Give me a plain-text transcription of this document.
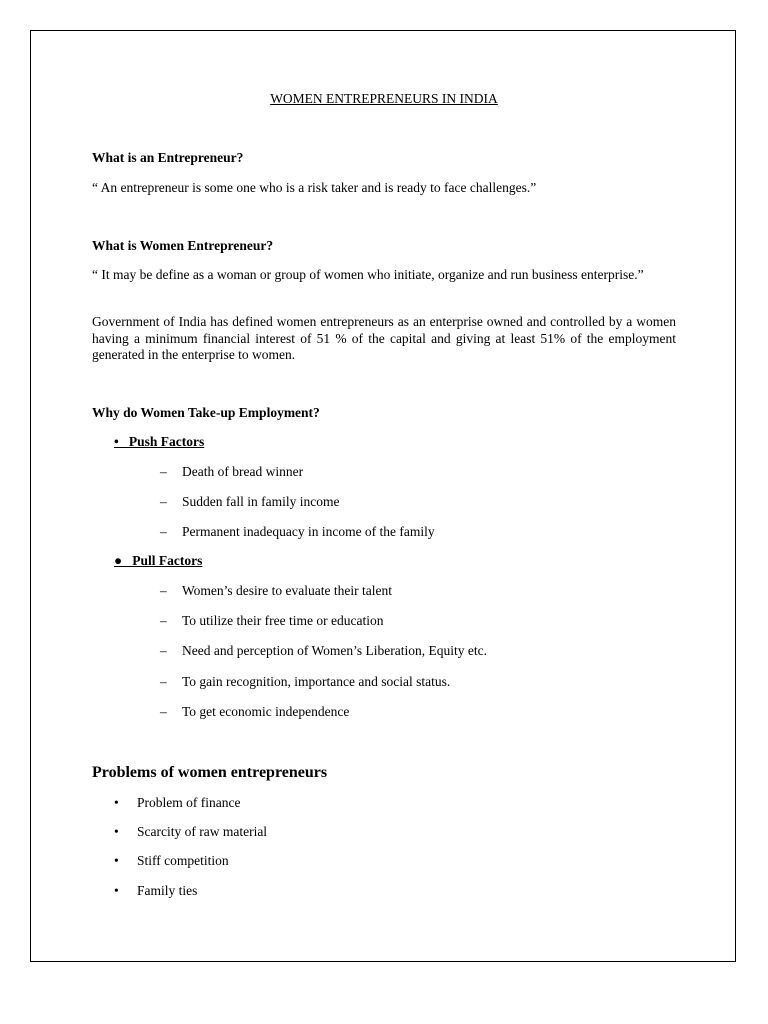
WOMEN ENTREPRENEURS IN INDIA
What is an Entrepreneur?
“ An entrepreneur is some one who is a risk taker and is ready to face challenges.”
What is Women Entrepreneur?
“ It may be define as a woman or group of women who initiate, organize and run business enterprise.”
Government of India has defined women entrepreneurs as an enterprise owned and controlled by a women having a minimum financial interest of 51 % of the capital and giving at least 51% of the employment generated in the enterprise to women.
Why do Women Take-up Employment?
•   Push Factors
– Death of bread winner
– Sudden fall in family income
– Permanent inadequacy in income of the family
●   Pull Factors
– Women’s desire to evaluate their talent
– To utilize their free time or education
– Need and perception of Women’s Liberation, Equity etc.
– To gain recognition, importance and social status.
– To get economic independence
Problems of women entrepreneurs
• Problem of finance
• Scarcity of raw material
• Stiff competition
• Family ties
